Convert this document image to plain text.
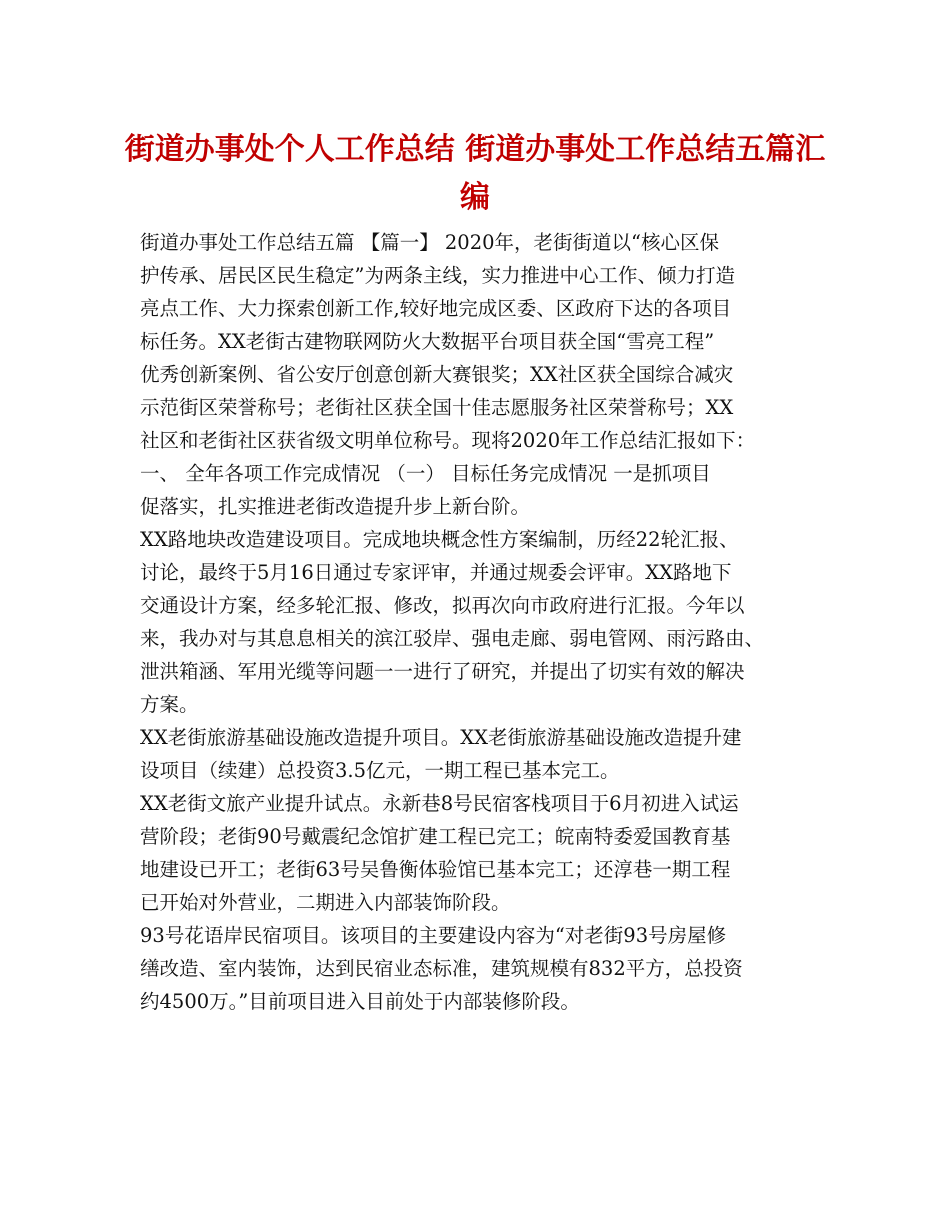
街道办事处个人工作总结 街道办事处工作总结五篇汇
编
街道办事处工作总结五篇 【篇一】 2020年，老街街道以“核心区保
护传承、居民区民生稳定”为两条主线，实力推进中心工作、倾力打造
亮点工作、大力探索创新工作,较好地完成区委、区政府下达的各项目
标任务。XX老街古建物联网防火大数据平台项目获全国“雪亮工程”
优秀创新案例、省公安厅创意创新大赛银奖；XX社区获全国综合减灾
示范街区荣誉称号；老街社区获全国十佳志愿服务社区荣誉称号；XX
社区和老街社区获省级文明单位称号。现将2020年工作总结汇报如下：
一、 全年各项工作完成情况 （一） 目标任务完成情况 一是抓项目
促落实，扎实推进老街改造提升步上新台阶。
XX路地块改造建设项目。完成地块概念性方案编制，历经22轮汇报、
讨论，最终于5月16日通过专家评审，并通过规委会评审。XX路地下
交通设计方案，经多轮汇报、修改，拟再次向市政府进行汇报。今年以
来，我办对与其息息相关的滨江驳岸、强电走廊、弱电管网、雨污路由、
泄洪箱涵、军用光缆等问题一一进行了研究，并提出了切实有效的解决
方案。
XX老街旅游基础设施改造提升项目。XX老街旅游基础设施改造提升建
设项目（续建）总投资3.5亿元，一期工程已基本完工。
XX老街文旅产业提升试点。永新巷8号民宿客栈项目于6月初进入试运
营阶段；老街90号戴震纪念馆扩建工程已完工；皖南特委爱国教育基
地建设已开工；老街63号吴鲁衡体验馆已基本完工；还淳巷一期工程
已开始对外营业，二期进入内部装饰阶段。
93号花语岸民宿项目。该项目的主要建设内容为“对老街93号房屋修
缮改造、室内装饰，达到民宿业态标准，建筑规模有832平方，总投资
约4500万。”目前项目进入目前处于内部装修阶段。
